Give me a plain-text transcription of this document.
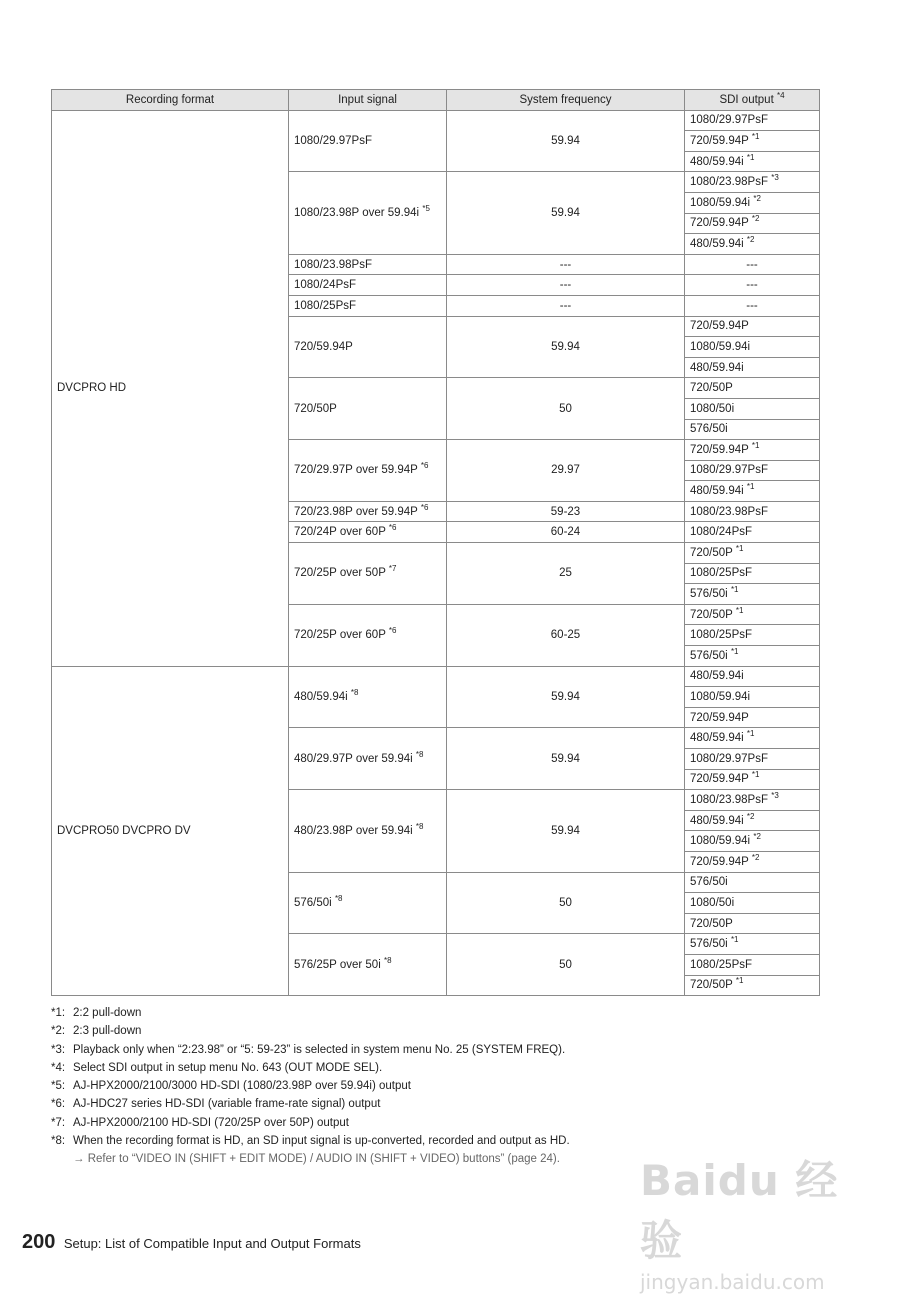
Recording format	Input signal	System frequency	SDI output $^{*4}$
DVCPRO HD	1080/29.97PsF	59.94	1080/29.97PsF
			720/59.94P $^{*1}$
			480/59.94i $^{*1}$
	1080/23.98P over 59.94i $^{*5}$	59.94	1080/23.98PsF $^{*3}$
			1080/59.94i $^{*2}$
			720/59.94P $^{*2}$
			480/59.94i $^{*2}$
	1080/23.98PsF	---	---
	1080/24PsF	---	---
	1080/25PsF	---	---
	720/59.94P	59.94	720/59.94P
			1080/59.94i
			480/59.94i
	720/50P	50	720/50P
			1080/50i
			576/50i
	720/29.97P over 59.94P $^{*6}$	29.97	720/59.94P $^{*1}$
			1080/29.97PsF
			480/59.94i $^{*1}$
	720/23.98P over 59.94P $^{*6}$	59-23	1080/23.98PsF
	720/24P over 60P $^{*6}$	60-24	1080/24PsF
	720/25P over 50P $^{*7}$	25	720/50P $^{*1}$
			1080/25PsF
			576/50i $^{*1}$
	720/25P over 60P $^{*6}$	60-25	720/50P $^{*1}$
			1080/25PsF
			576/50i $^{*1}$
DVCPRO50 DVCPRO DV	480/59.94i $^{*8}$	59.94	480/59.94i
			1080/59.94i
			720/59.94P
	480/29.97P over 59.94i $^{*8}$	59.94	480/59.94i $^{*1}$
			1080/29.97PsF
			720/59.94P $^{*1}$
	480/23.98P over 59.94i $^{*8}$	59.94	1080/23.98PsF $^{*3}$
			480/59.94i $^{*2}$
			1080/59.94i $^{*2}$
			720/59.94P $^{*2}$
	576/50i $^{*8}$	50	576/50i
			1080/50i
			720/50P
	576/25P over 50i $^{*8}$	50	576/50i $^{*1}$
			1080/25PsF
			720/50P $^{*1}$
*1: 2:2 pull-down
*2: 2:3 pull-down
*3: Playback only when “2:23.98” or “5: 59-23” is selected in system menu No. 25 (SYSTEM FREQ).
*4: Select SDI output in setup menu No. 643 (OUT MODE SEL).
*5: AJ-HPX2000/2100/3000 HD-SDI (1080/23.98P over 59.94i) output
*6: AJ-HDC27 series HD-SDI (variable frame-rate signal) output
*7: AJ-HPX2000/2100 HD-SDI (720/25P over 50P) output
*8: When the recording format is HD, an SD input signal is up-converted, recorded and output as HD.
→ Refer to “VIDEO IN (SHIFT + EDIT MODE) / AUDIO IN (SHIFT + VIDEO) buttons” (page 24).
200 Setup: List of Compatible Input and Output Formats
Baidu 经验
jingyan.baidu.com
